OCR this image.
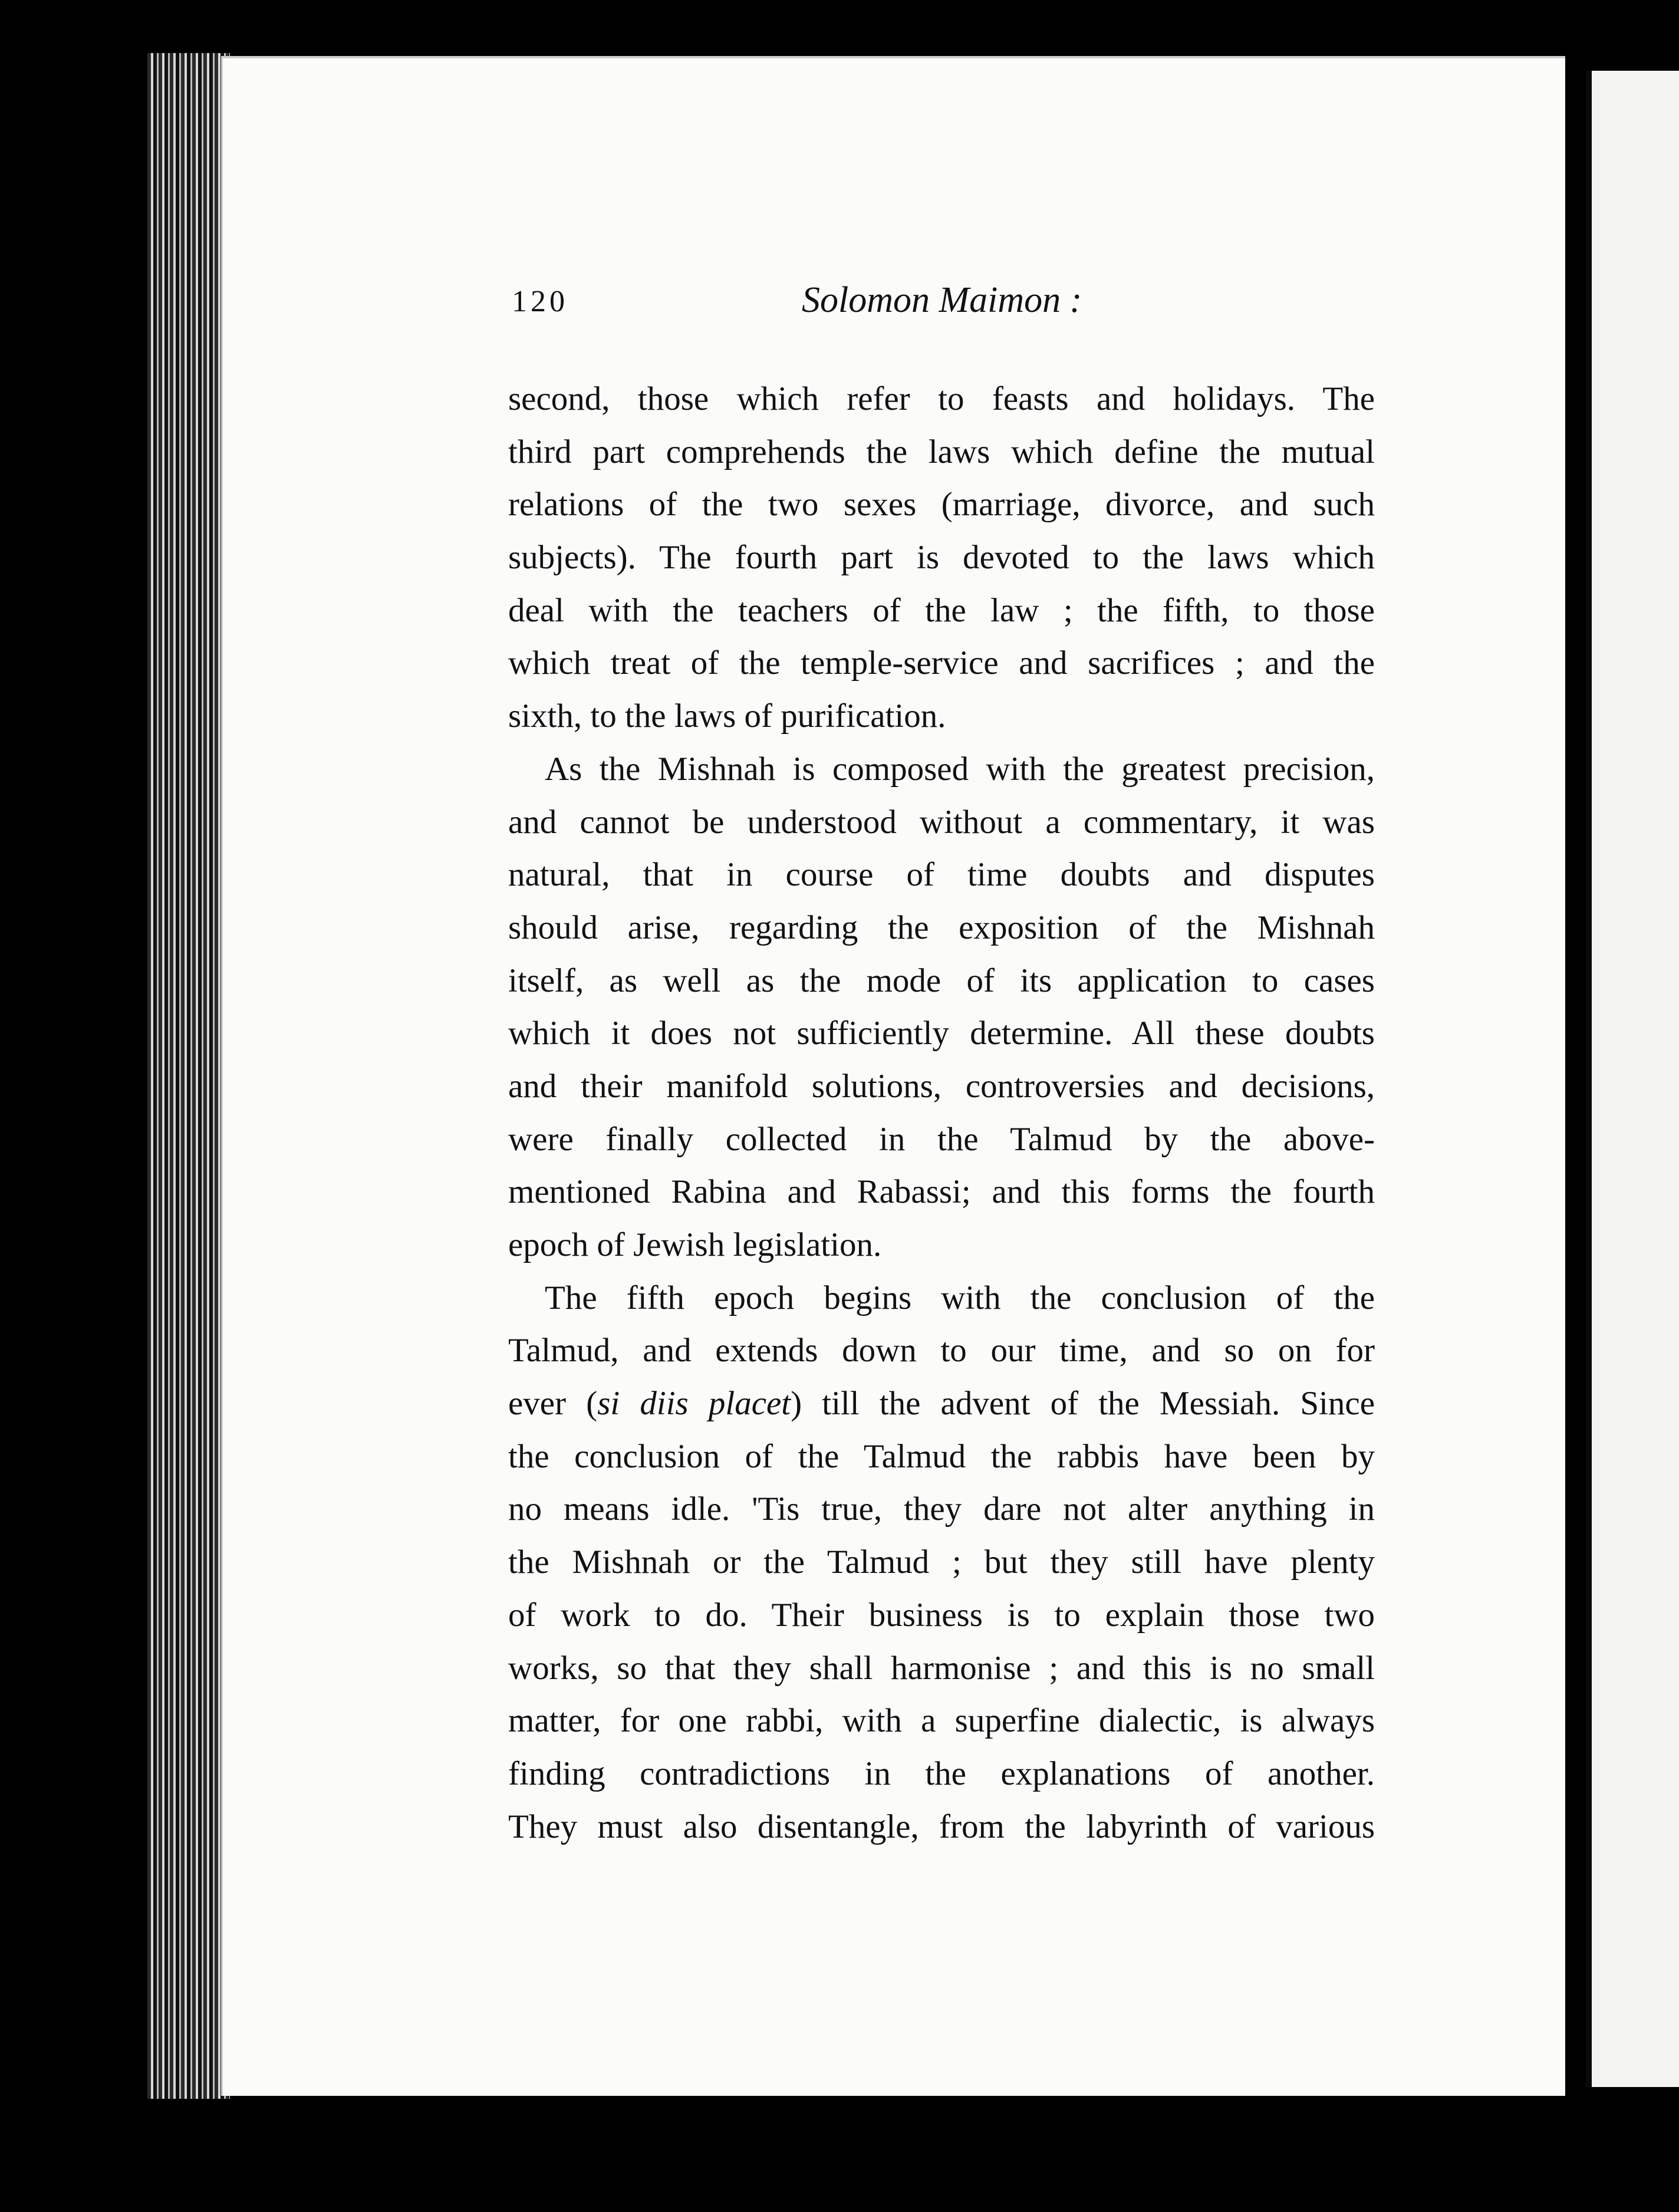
120	Solomon Maimon :
second, those which refer to feasts and holidays. The
third part comprehends the laws which define the mutual
relations of the two sexes (marriage, divorce, and such
subjects). The fourth part is devoted to the laws which
deal with the teachers of the law ; the fifth, to those
which treat of the temple-service and sacrifices ; and the
sixth, to the laws of purification.
As the Mishnah is composed with the greatest precision,
and cannot be understood without a commentary, it was
natural, that in course of time doubts and disputes
should arise, regarding the exposition of the Mishnah
itself, as well as the mode of its application to cases
which it does not sufficiently determine. All these doubts
and their manifold solutions, controversies and decisions,
were finally collected in the Talmud by the above-
mentioned Rabina and Rabassi; and this forms the fourth
epoch of Jewish legislation.
The fifth epoch begins with the conclusion of the
Talmud, and extends down to our time, and so on for
ever (si diis placet) till the advent of the Messiah. Since
the conclusion of the Talmud the rabbis have been by
no means idle. 'Tis true, they dare not alter anything in
the Mishnah or the Talmud ; but they still have plenty
of work to do. Their business is to explain those two
works, so that they shall harmonise ; and this is no small
matter, for one rabbi, with a superfine dialectic, is always
finding contradictions in the explanations of another.
They must also disentangle, from the labyrinth of various
